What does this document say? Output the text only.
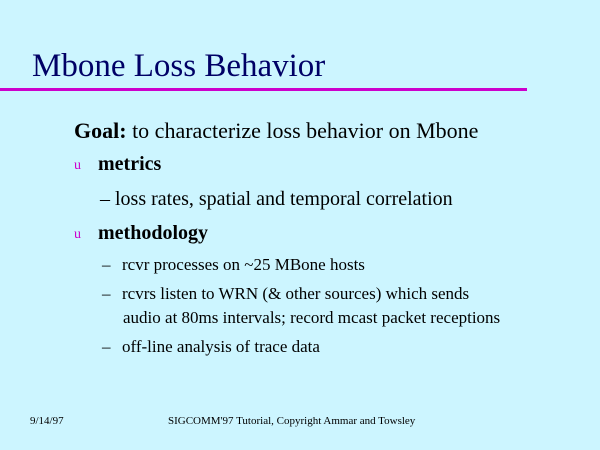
Mbone Loss Behavior
Goal: to characterize loss behavior on Mbone
u metrics
– loss rates, spatial and temporal correlation
u methodology
– rcvr processes on ~25 MBone hosts
– rcvrs listen to WRN (& other sources) which sends
audio at 80ms intervals; record mcast packet receptions
– off-line analysis of trace data
9/14/97	SIGCOMM'97 Tutorial, Copyright Ammar and Towsley
